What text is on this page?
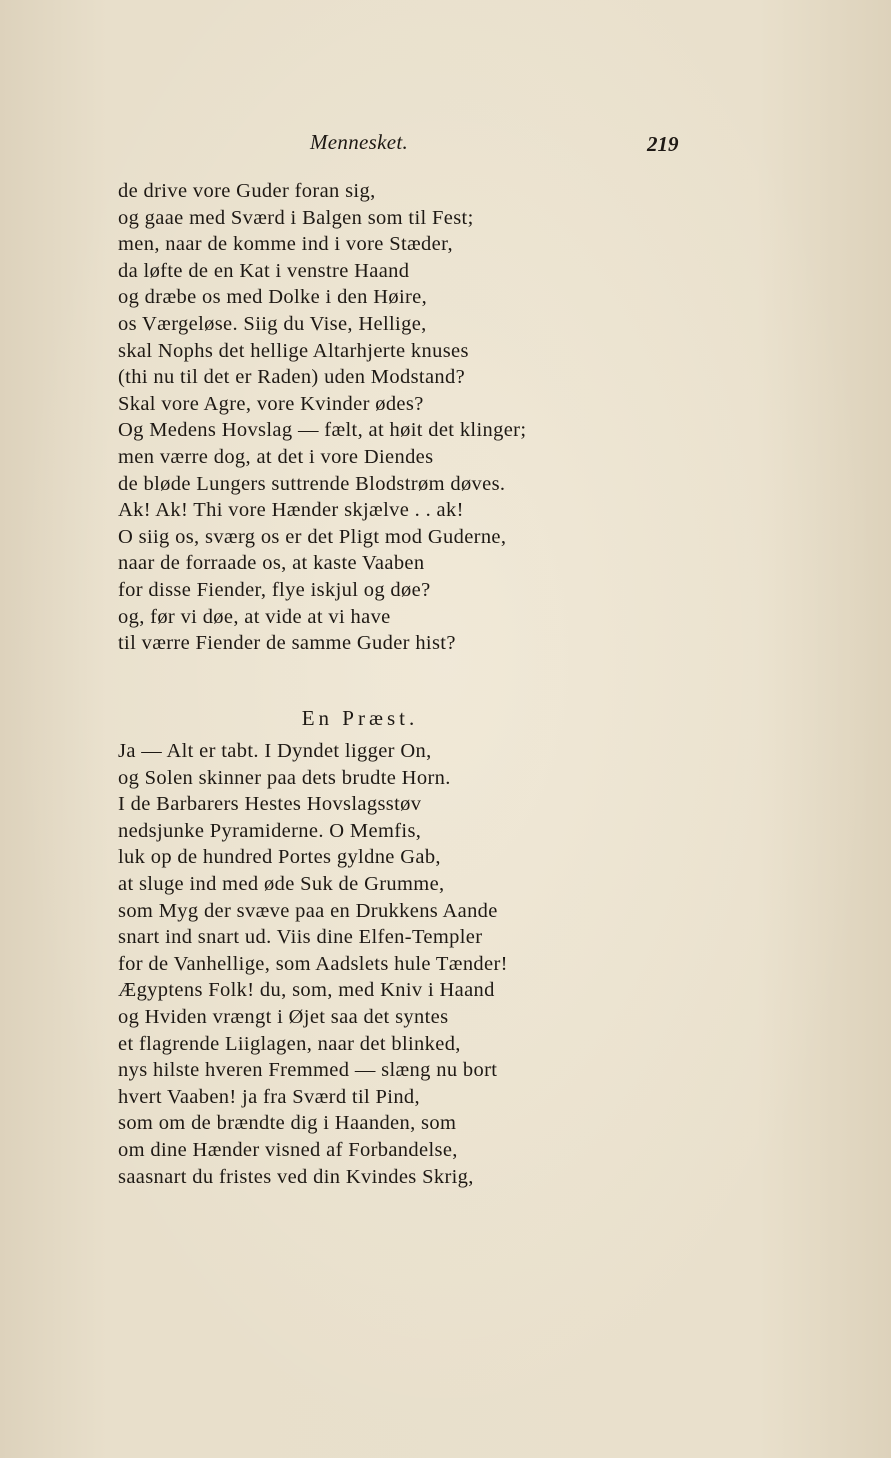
Mennesket.	219
de drive vore Guder foran sig,
og gaae med Sværd i Balgen som til Fest;
men, naar de komme ind i vore Stæder,
da løfte de en Kat i venstre Haand
og dræbe os med Dolke i den Høire,
os Værgeløse. Siig du Vise, Hellige,
skal Nophs det hellige Altarhjerte knuses
(thi nu til det er Raden) uden Modstand?
Skal vore Agre, vore Kvinder ødes?
Og Medens Hovslag — fælt, at høit det klinger;
men værre dog, at det i vore Diendes
de bløde Lungers suttrende Blodstrøm døves.
Ak! Ak! Thi vore Hænder skjælve . . ak!
O siig os, sværg os er det Pligt mod Guderne,
naar de forraade os, at kaste Vaaben
for disse Fiender, flye iskjul og døe?
og, før vi døe, at vide at vi have
til værre Fiender de samme Guder hist?
En Præst.
Ja — Alt er tabt. I Dyndet ligger On,
og Solen skinner paa dets brudte Horn.
I de Barbarers Hestes Hovslagsstøv
nedsjunke Pyramiderne. O Memfis,
luk op de hundred Portes gyldne Gab,
at sluge ind med øde Suk de Grumme,
som Myg der svæve paa en Drukkens Aande
snart ind snart ud. Viis dine Elfen-Templer
for de Vanhellige, som Aadslets hule Tænder!
Ægyptens Folk! du, som, med Kniv i Haand
og Hviden vrængt i Øjet saa det syntes
et flagrende Liiglagen, naar det blinked,
nys hilste hveren Fremmed — slæng nu bort
hvert Vaaben! ja fra Sværd til Pind,
som om de brændte dig i Haanden, som
om dine Hænder visned af Forbandelse,
saasnart du fristes ved din Kvindes Skrig,
